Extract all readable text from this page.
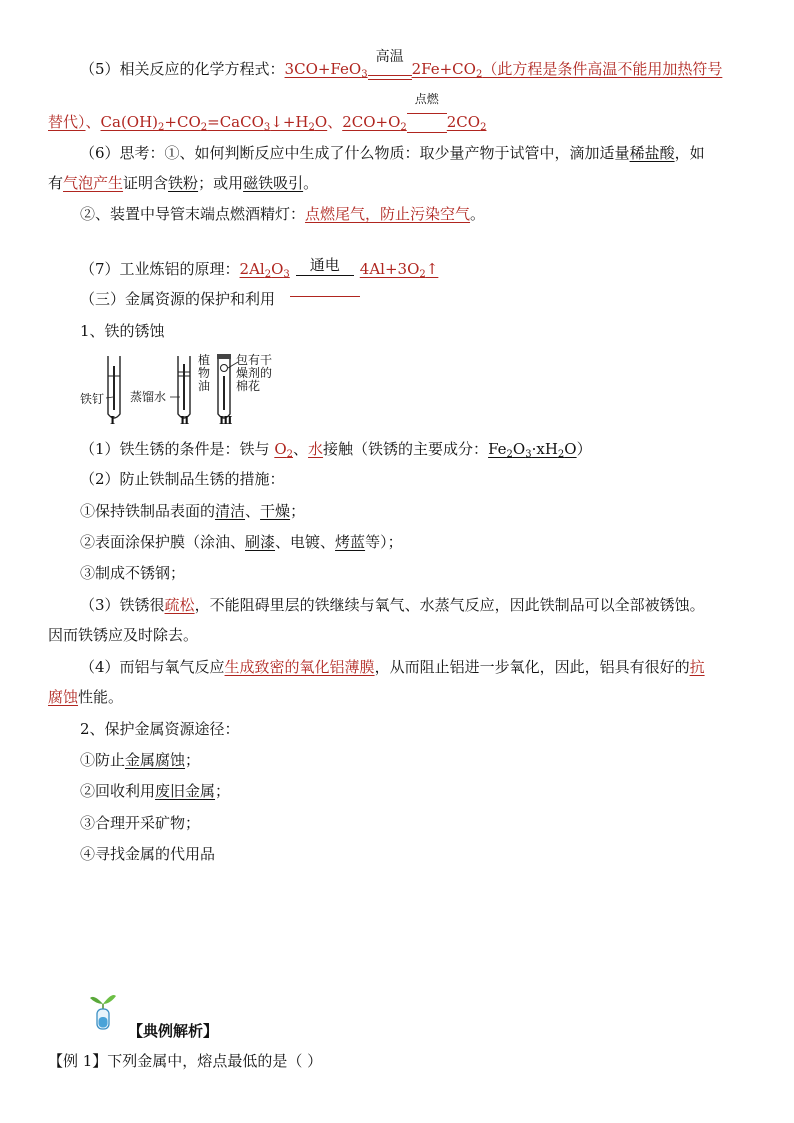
（5）相关反应的化学方程式：3CO+FeO$_3$
高温
$2Fe+CO_2$（此方程是条件高温不能用加热符号
替代）、$Ca(OH)_2+CO_2=CaCO_3↓+H_2O$、$2CO+O_2$
点燃
$2CO_2$
（6）思考：①、如何判断反应中生成了什么物质：取少量产物于试管中，滴加适量稀盐酸，如
有气泡产生证明含铁粉；或用磁铁吸引。
②、装置中导管末端点燃酒精灯：点燃尾气，防止污染空气。
（7）工业炼铝的原理：$2Al_2O_3$
通电	$4Al+3O_2↑$
（三）金属资源的保护和利用
1、铁的锈蚀
铁钉 蒸馏水
植物油
包有干燥剂的棉花
Ⅰ	Ⅱ	Ⅲ
（1）铁生锈的条件是：铁与 $O_2$、水接触（铁锈的主要成分：$Fe_2O_3\cdot xH_2O$）
（2）防止铁制品生锈的措施：
①保持铁制品表面的清洁、干燥；
②表面涂保护膜（涂油、刷漆、电镀、烤蓝等）；
③制成不锈钢；
（3）铁锈很疏松，不能阻碍里层的铁继续与氧气、水蒸气反应，因此铁制品可以全部被锈蚀。
因而铁锈应及时除去。
（4）而铝与氧气反应生成致密的氧化铝薄膜，从而阻止铝进一步氧化，因此，铝具有很好的抗
腐蚀性能。
2、保护金属资源途径：
①防止金属腐蚀；
②回收利用废旧金属；
③合理开采矿物；
④寻找金属的代用品
【典例解析】
【例 1】下列金属中，熔点最低的是（ ）
